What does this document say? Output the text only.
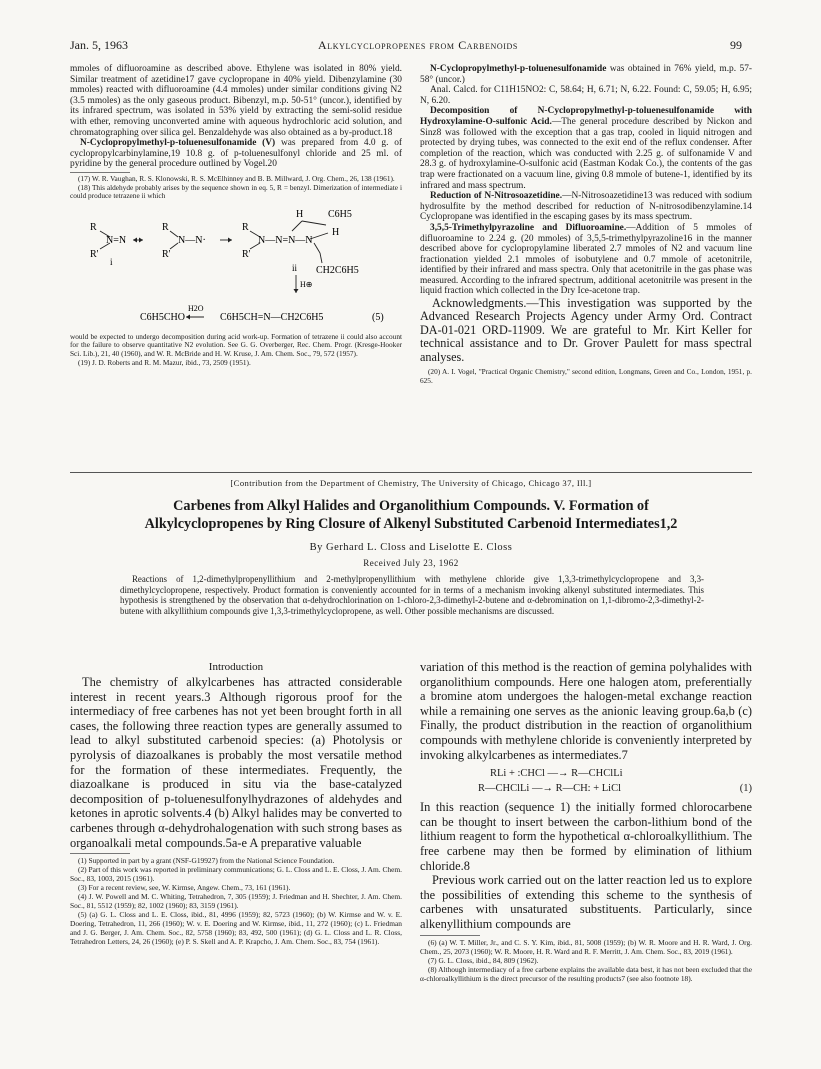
Jan. 5, 1963	Alkylcyclopropenes from Carbenoids	99

mmoles of difluoroamine as described above. Ethylene was isolated in 80% yield. Similar treatment of azetidine17 gave cyclopropane in 40% yield. Dibenzylamine (30 mmoles) reacted with difluoroamine (4.4 mmoles) under similar conditions giving N2 (3.5 mmoles) as the only gaseous product. Bibenzyl, m.p. 50-51° (uncor.), identified by its infrared spectrum, was isolated in 53% yield by extracting the semi-solid residue with ether, removing unconverted amine with aqueous hydrochloric acid solution, and chromatographing over silica gel. Benzaldehyde was also obtained as a by-product.18

N-Cyclopropylmethyl-p-toluenesulfonamide (V) was prepared from 4.0 g. of cyclopropylcarbinylamine,19 10.8 g. of p-toluenesulfonyl chloride and 25 ml. of pyridine by the general procedure outlined by Vogel.20

(17) W. R. Vaughan, R. S. Klonowski, R. S. McElhinney and B. B. Millward, J. Org. Chem., 26, 138 (1961).

(18) This aldehyde probably arises by the sequence shown in eq. 5, R = benzyl. Dimerization of intermediate i could produce tetrazene ii which

R
R'
N=N
i
R
R'
N—N·
R
R'
N—N=N—N
H C6H5
H
CH2C6H5
ii
H⊕
H2O
C6H5CHO	C6H5CH=N—CH2C6H5	(5)

would be expected to undergo decomposition during acid work-up. Formation of tetrazene ii could also account for the failure to observe quantitative N2 evolution. See G. G. Overberger, Rec. Chem. Progr. (Kresge-Hooker Sci. Lib.), 21, 40 (1960), and W. R. McBride and H. W. Kruse, J. Am. Chem. Soc., 79, 572 (1957).

(19) J. D. Roberts and R. M. Mazur, ibid., 73, 2509 (1951).

N-Cyclopropylmethyl-p-toluenesulfonamide was obtained in 76% yield, m.p. 57-58° (uncor.)

Anal. Calcd. for C11H15NO2: C, 58.64; H, 6.71; N, 6.22. Found: C, 59.05; H, 6.95; N, 6.20.

Decomposition of N-Cyclopropylmethyl-p-toluenesulfonamide with Hydroxylamine-O-sulfonic Acid.—The general procedure described by Nickon and Sinz8 was followed with the exception that a gas trap, cooled in liquid nitrogen and protected by drying tubes, was connected to the exit end of the reflux condenser. After completion of the reaction, which was conducted with 2.25 g. of sulfonamide V and 28.3 g. of hydroxylamine-O-sulfonic acid (Eastman Kodak Co.), the contents of the gas trap were fractionated on a vacuum line, giving 0.8 mmole of butene-1, identified by its infrared and mass spectrum.

Reduction of N-Nitrosoazetidine.—N-Nitrosoazetidine13 was reduced with sodium hydrosulfite by the method described for reduction of N-nitrosodibenzylamine.14 Cyclopropane was identified in the escaping gases by its mass spectrum.

3,5,5-Trimethylpyrazoline and Difluoroamine.—Addition of 5 mmoles of difluoroamine to 2.24 g. (20 mmoles) of 3,5,5-trimethylpyrazoline16 in the manner described above for cyclopropylamine liberated 2.7 mmoles of N2 and vacuum line fractionation yielded 2.1 mmoles of isobutylene and 0.7 mmole of acetonitrile, identified by their infrared and mass spectra. Only that acetonitrile in the gas phase was measured. According to the infrared spectrum, additional acetonitrile was present in the liquid fraction which collected in the Dry Ice-acetone trap.

Acknowledgments.—This investigation was supported by the Advanced Research Projects Agency under Army Ord. Contract DA-01-021 ORD-11909. We are grateful to Mr. Kirt Keller for technical assistance and to Dr. Grover Paulett for mass spectral analyses.

(20) A. I. Vogel, "Practical Organic Chemistry," second edition, Longmans, Green and Co., London, 1951, p. 625.

[Contribution from the Department of Chemistry, The University of Chicago, Chicago 37, Ill.]
Carbenes from Alkyl Halides and Organolithium Compounds. V. Formation of
Alkylcyclopropenes by Ring Closure of Alkenyl Substituted Carbenoid Intermediates1,2
By Gerhard L. Closs and Liselotte E. Closs
Received July 23, 1962
Reactions of 1,2-dimethylpropenyllithium and 2-methylpropenyllithium with methylene chloride give 1,3,3-trimethylcyclopropene and 3,3-dimethylcyclopropene, respectively. Product formation is conveniently accounted for in terms of a mechanism invoking alkenyl substituted intermediates. This hypothesis is strengthened by the observation that α-dehydrochlorination on 1-chloro-2,3-dimethyl-2-butene and α-debromination on 1,1-dibromo-2,3-dimethyl-2-butene with alkyllithium compounds give 1,3,3-trimethylcyclopropene, as well. Other possible mechanisms are discussed.
Introduction

The chemistry of alkylcarbenes has attracted considerable interest in recent years.3 Although rigorous proof for the intermediacy of free carbenes has not yet been brought forth in all cases, the following three reaction types are generally assumed to lead to alkyl substituted carbenoid species: (a) Photolysis or pyrolysis of diazoalkanes is probably the most versatile method for the formation of these intermediates. Frequently, the diazoalkane is produced in situ via the base-catalyzed decomposition of p-toluenesulfonylhydrazones of aldehydes and ketones in aprotic solvents.4 (b) Alkyl halides may be converted to carbenes through α-dehydrohalogenation with such strong bases as organoalkali metal compounds.5a-e A preparative valuable

(1) Supported in part by a grant (NSF-G19927) from the National Science Foundation.

(2) Part of this work was reported in preliminary communications; G. L. Closs and L. E. Closs, J. Am. Chem. Soc., 83, 1003, 2015 (1961).

(3) For a recent review, see, W. Kirmse, Angew. Chem., 73, 161 (1961).

(4) J. W. Powell and M. C. Whiting, Tetrahedron, 7, 305 (1959); J. Friedman and H. Shechter, J. Am. Chem. Soc., 81, 5512 (1959); 82, 1002 (1960); 83, 3159 (1961).

(5) (a) G. L. Closs and L. E. Closs, ibid., 81, 4996 (1959); 82, 5723 (1960); (b) W. Kirmse and W. v. E. Doering, Tetrahedron, 11, 266 (1960); W. v. E. Doering and W. Kirmse, ibid., 11, 272 (1960); (c) L. Friedman and J. G. Berger, J. Am. Chem. Soc., 82, 5758 (1960); 83, 492, 500 (1961); (d) G. L. Closs and L. R. Closs, Tetrahedron Letters, 24, 26 (1960); (e) P. S. Skell and A. P. Krapcho, J. Am. Chem. Soc., 83, 754 (1961).

variation of this method is the reaction of gemina polyhalides with organolithium compounds. Here one halogen atom, preferentially a bromine atom undergoes the halogen-metal exchange reaction while a remaining one serves as the anionic leaving group.6a,b (c) Finally, the product distribution in the reaction of organolithium compounds with methylene chloride is conveniently interpreted by invoking alkylcarbenes as intermediates.7

RLi + :CHCl —→ R—CHClLi
R—CHClLi —→ R—CH: + LiCl	(1)

In this reaction (sequence 1) the initially formed chlorocarbene can be thought to insert between the carbon-lithium bond of the lithium reagent to form the hypothetical α-chloroalkyllithium. The free carbene may then be formed by elimination of lithium chloride.8

Previous work carried out on the latter reaction led us to explore the possibilities of extending this scheme to the synthesis of carbenes with unsaturated substituents. Particularly, since alkenyllithium compounds are

(6) (a) W. T. Miller, Jr., and C. S. Y. Kim, ibid., 81, 5008 (1959); (b) W. R. Moore and H. R. Ward, J. Org. Chem., 25, 2073 (1960); W. R. Moore, H. R. Ward and R. F. Merritt, J. Am. Chem. Soc., 83, 2019 (1961).

(7) G. L. Closs, ibid., 84, 809 (1962).

(8) Although intermediacy of a free carbene explains the available data best, it has not been excluded that the α-chloroalkyllithium is the direct precursor of the resulting products7 (see also footnote 18).
